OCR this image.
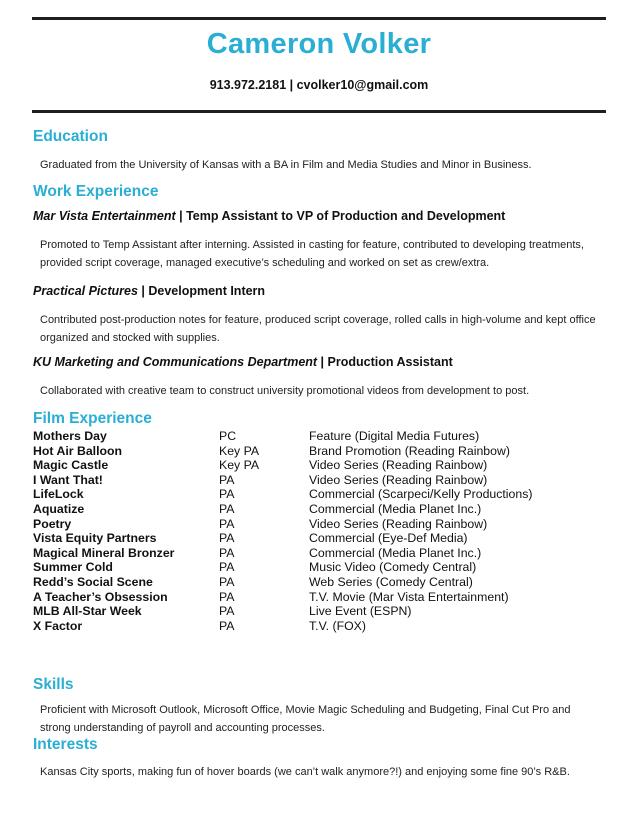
Cameron Volker
913.972.2181 | cvolker10@gmail.com
Education
Graduated from the University of Kansas with a BA in Film and Media Studies and Minor in Business.
Work Experience
Mar Vista Entertainment | Temp Assistant to VP of Production and Development
Promoted to Temp Assistant after interning. Assisted in casting for feature, contributed to developing treatments, provided script coverage, managed executive’s scheduling and worked on set as crew/extra.
Practical Pictures | Development Intern
Contributed post-production notes for feature, produced script coverage, rolled calls in high-volume and kept office organized and stocked with supplies.
KU Marketing and Communications Department | Production Assistant
Collaborated with creative team to construct university promotional videos from development to post.
Film Experience
Mothers Day	PC	Feature (Digital Media Futures)
Hot Air Balloon	Key PA	Brand Promotion (Reading Rainbow)
Magic Castle	Key PA	Video Series (Reading Rainbow)
I Want That!	PA	Video Series (Reading Rainbow)
LifeLock	PA	Commercial (Scarpeci/Kelly Productions)
Aquatize	PA	Commercial (Media Planet Inc.)
Poetry	PA	Video Series (Reading Rainbow)
Vista Equity Partners	PA	Commercial (Eye-Def Media)
Magical Mineral Bronzer	PA	Commercial (Media Planet Inc.)
Summer Cold	PA	Music Video (Comedy Central)
Redd’s Social Scene	PA	Web Series (Comedy Central)
A Teacher’s Obsession	PA	T.V. Movie (Mar Vista Entertainment)
MLB All-Star Week	PA	Live Event (ESPN)
X Factor	PA	T.V. (FOX)
Skills
Proficient with Microsoft Outlook, Microsoft Office, Movie Magic Scheduling and Budgeting, Final Cut Pro and strong understanding of payroll and accounting processes.
Interests
Kansas City sports, making fun of hover boards (we can’t walk anymore?!) and enjoying some fine 90’s R&B.
